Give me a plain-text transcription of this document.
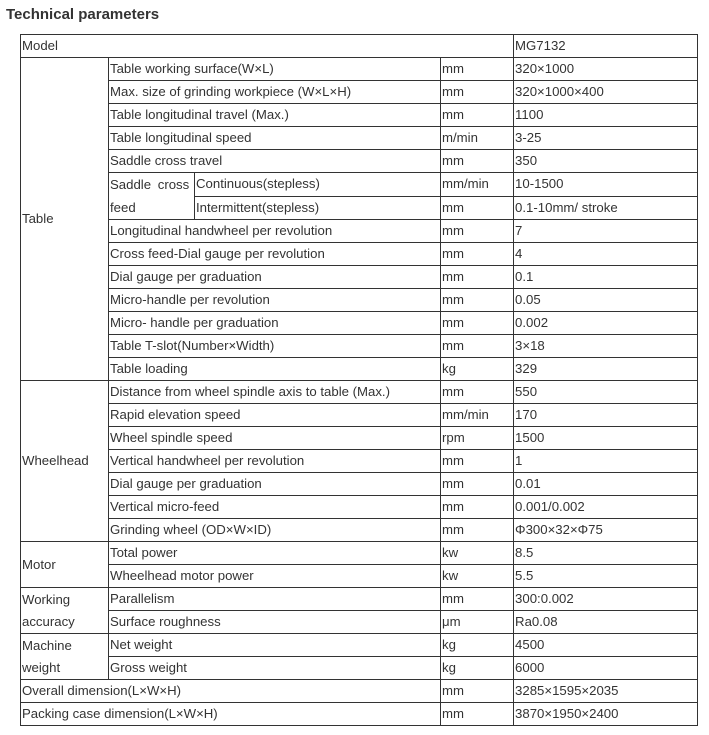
Technical parameters
Model				MG7132
Table	Table working surface(W×L)		mm	320×1000
	Max. size of grinding workpiece (W×L×H)		mm	320×1000×400
	Table longitudinal travel (Max.)		mm	1100
	Table longitudinal speed		m/min	3-25
	Saddle cross travel		mm	350
	Saddle cross feed	Continuous(stepless)	mm/min	10-1500
		Intermittent(stepless)	mm	0.1-10mm/ stroke
	Longitudinal handwheel per revolution		mm	7
	Cross feed-Dial gauge per revolution		mm	4
	Dial gauge per graduation		mm	0.1
	Micro-handle per revolution		mm	0.05
	Micro- handle per graduation		mm	0.002
	Table T-slot(Number×Width)		mm	3×18
	Table loading		kg	329
Wheelhead	Distance from wheel spindle axis to table (Max.)		mm	550
	Rapid elevation speed		mm/min	170
	Wheel spindle speed		rpm	1500
	Vertical handwheel per revolution		mm	1
	Dial gauge per graduation		mm	0.01
	Vertical micro-feed		mm	0.001/0.002
	Grinding wheel (OD×W×ID)		mm	Φ300×32×Φ75
Motor	Total power		kw	8.5
	Wheelhead motor power		kw	5.5
Working accuracy	Parallelism		mm	300:0.002
	Surface roughness		μm	Ra0.08
Machine weight	Net weight		kg	4500
	Gross weight		kg	6000
Overall dimension(L×W×H)			mm	3285×1595×2035
Packing case dimension(L×W×H)			mm	3870×1950×2400
